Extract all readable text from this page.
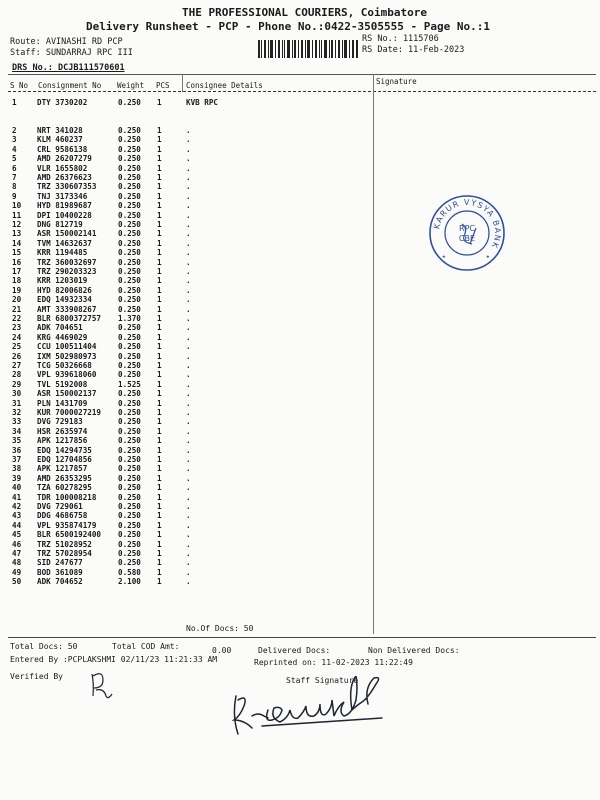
THE PROFESSIONAL COURIERS, Coimbatore
Delivery Runsheet - PCP - Phone No.:0422-3505555 - Page No.:1
Route: AVINASHI RD PCP
Staff: SUNDARRAJ RPC III
DRS No.: DCJB111570601
RS No.: 1115706
RS Date: 11-Feb-2023
S No Consignment No Weight PCS Consignee Details	Signature
1	DTY 3730202	0.250 1	KVB RPC
2	NRT 341028	0.250 1	.
3	KLM 460237	0.250 1	.
4	CRL 9586138	0.250 1	.
5	AMD 26207279	0.250 1	.
6	VLR 1655802	0.250 1	.
7	AMD 26376623	0.250 1	.
8	TRZ 330607353	0.250 1	.
9	TNJ 3173346	0.250 1	.
10	HYD 81989687	0.250 1	.
11	DPI 10400228	0.250 1	.
12	DNG 812719	0.250 1	.
13	ASR 150002141	0.250 1	.
14	TVM 14632637	0.250 1	.
15	KRR 1194485	0.250 1	.
16	TRZ 360032697	0.250 1	.
17	TRZ 290203323	0.250 1	.
18	KRR 1203019	0.250 1	.
19	HYD 82006826	0.250 1	.
20	EDQ 14932334	0.250 1	.
21	AMT 333908267	0.250 1	.
22	BLR 6800372757 1.370 1	.
23	ADK 704651	0.250 1	.
24	KRG 4469029	0.250 1	.
25	CCU 100511404	0.250 1	.
26	IXM 502980973	0.250 1	.
27	TCG 50326668	0.250 1	.
28	VPL 939618060	0.250 1	.
29	TVL 5192008	1.525 1	.
30	ASR 150002137	0.250 1	.
31	PLN 1431709	0.250 1	.
32	KUR 7000027219 0.250 1	.
33	DVG 729183	0.250 1	.
34	HSR 2635974	0.250 1	.
35	APK 1217856	0.250 1	.
36	EDQ 14294735	0.250 1	.
37	EDQ 12704856	0.250 1	.
38	APK 1217857	0.250 1	.
39	AMD 26353295	0.250 1	.
40	TZA 60278295	0.250 1	.
41	TDR 100008218	0.250 1	.
42	DVG 729061	0.250 1	.
43	DDG 4686758	0.250 1	.
44	VPL 935874179	0.250 1	.
45	BLR 6500192400 0.250 1	.
46	TRZ 51028952	0.250 1	.
47	TRZ 57028954	0.250 1	.
48	SID 247677	0.250 1	.
49	BOD 361089	0.580 1	.
50	ADK 704652	2.100 1	.
KARUR VYSYA BANK
RPC
CBE
★	★
No.Of Docs: 50
Total Docs: 50	Total COD Amt:	0.00	Delivered Docs:	Non Delivered Docs:
Entered By :PCPLAKSHMI 02/11/23 11:21:33 AM	Reprinted on: 11-02-2023 11:22:49
Verified By	Staff Signature
